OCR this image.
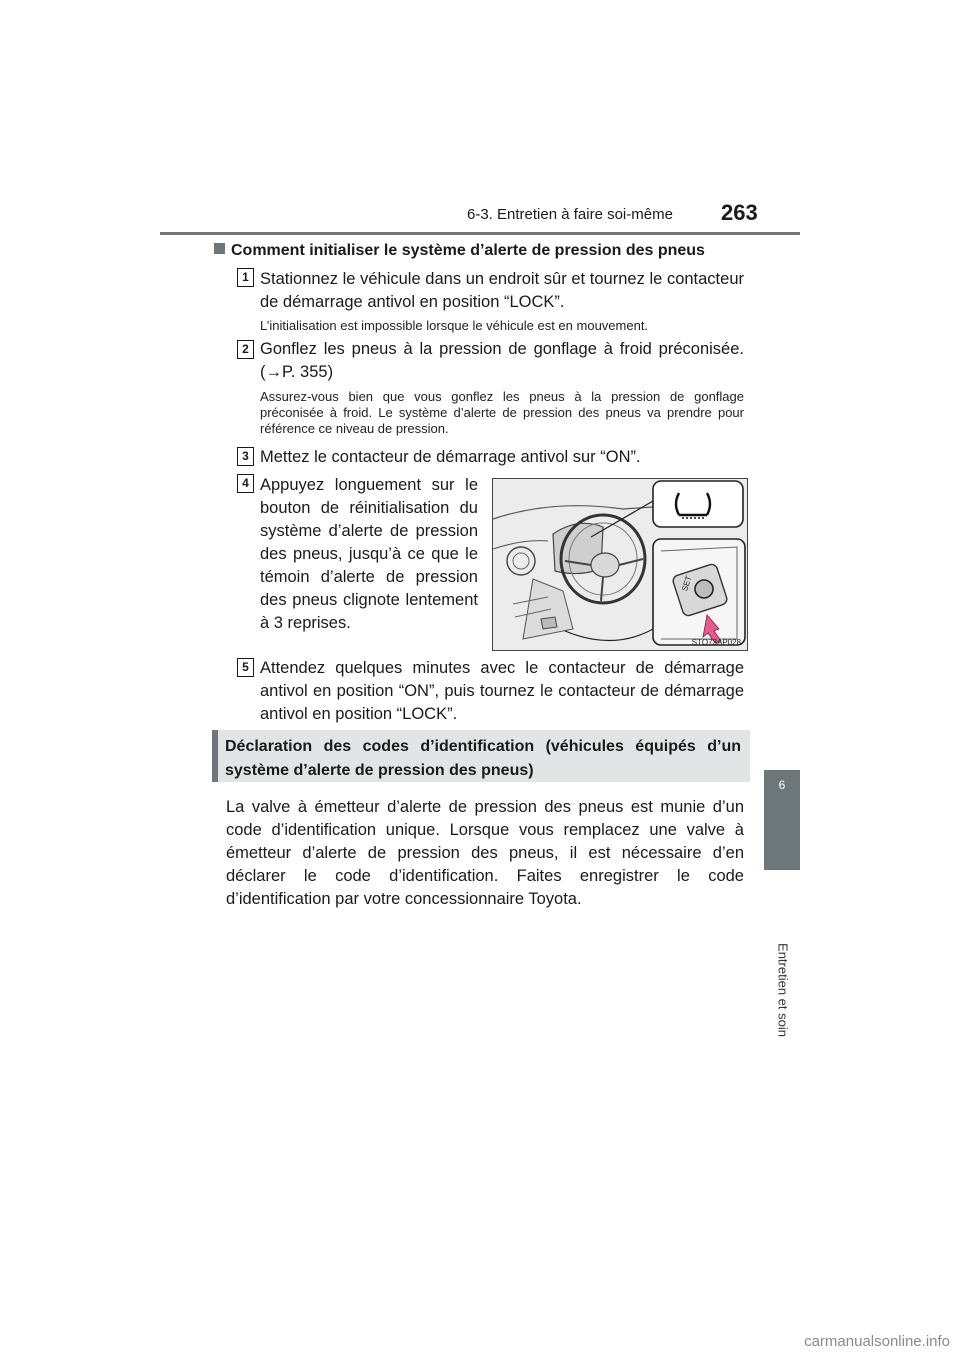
6-3. Entretien à faire soi-même 263
6
Entretien et soin
Comment initialiser le système d’alerte de pression des pneus
1 Stationnez le véhicule dans un endroit sûr et tournez le contacteur de démarrage antivol en position “LOCK”.
L’initialisation est impossible lorsque le véhicule est en mouvement.
2 Gonflez les pneus à la pression de gonflage à froid préconisée. (→P. 355)
Assurez-vous bien que vous gonflez les pneus à la pression de gonflage préconisée à froid. Le système d’alerte de pression des pneus va prendre pour référence ce niveau de pression.
3 Mettez le contacteur de démarrage antivol sur “ON”.
4 Appuyez longuement sur le bouton de réinitialisation du système d’alerte de pression des pneus, jusqu’à ce que le témoin d’alerte de pression des pneus clignote lentement à 3 reprises.
SET
STO73AP028
5 Attendez quelques minutes avec le contacteur de démarrage antivol en position “ON”, puis tournez le contacteur de démarrage antivol en position “LOCK”.
Déclaration des codes d’identification (véhicules équipés d’un système d’alerte de pression des pneus)
La valve à émetteur d’alerte de pression des pneus est munie d’un code d’identification unique. Lorsque vous remplacez une valve à émetteur d’alerte de pression des pneus, il est nécessaire d’en déclarer le code d’identification. Faites enregistrer le code d’identification par votre concessionnaire Toyota.
carmanualsonline.info
